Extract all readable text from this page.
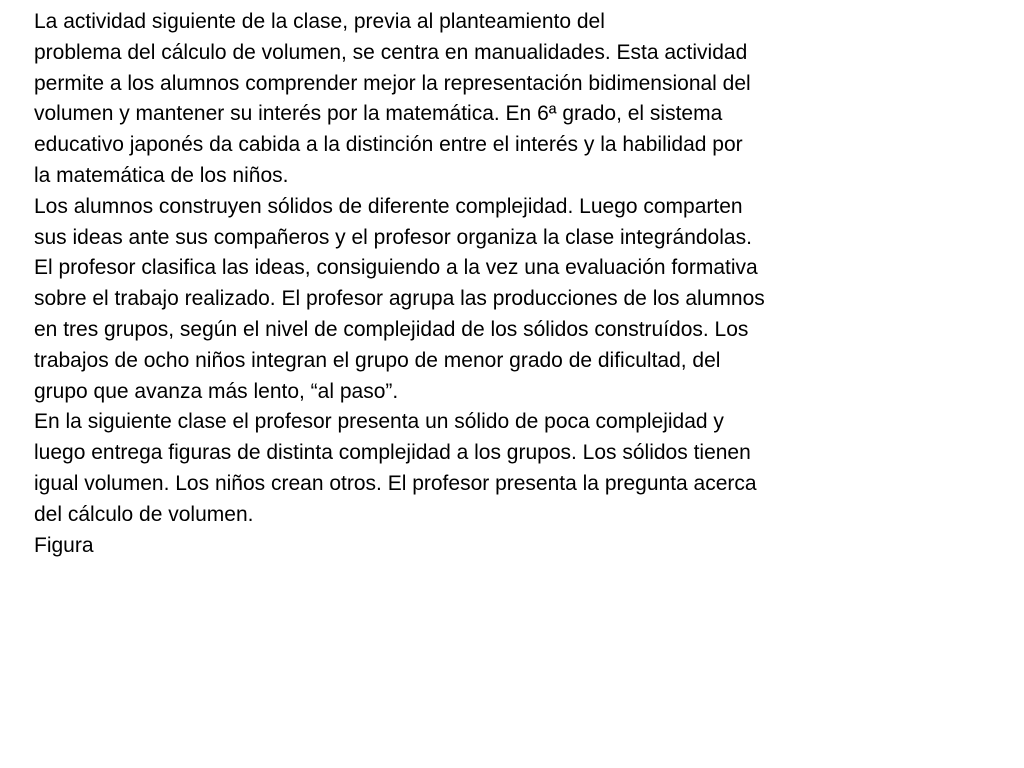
La actividad siguiente de la clase, previa al planteamiento del
problema del cálculo de volumen, se centra en manualidades. Esta actividad
permite a los alumnos comprender mejor la representación bidimensional del
volumen y mantener su interés por la matemática. En 6ª grado, el sistema
educativo japonés da cabida a la distinción entre el interés y la habilidad por
la matemática de los niños.
Los alumnos construyen sólidos de diferente complejidad. Luego comparten
sus ideas ante sus compañeros y el profesor organiza la clase integrándolas.
El profesor clasifica las ideas, consiguiendo a la vez una evaluación formativa
sobre el trabajo realizado. El profesor agrupa las producciones de los alumnos
en tres grupos, según el nivel de complejidad de los sólidos construídos. Los
trabajos de ocho niños integran el grupo de menor grado de dificultad, del
grupo que avanza más lento, “al paso”.
En la siguiente clase el profesor presenta un sólido de poca complejidad y
luego entrega figuras de distinta complejidad a los grupos. Los sólidos tienen
igual volumen. Los niños crean otros. El profesor presenta la pregunta acerca
del cálculo de volumen.
Figura
